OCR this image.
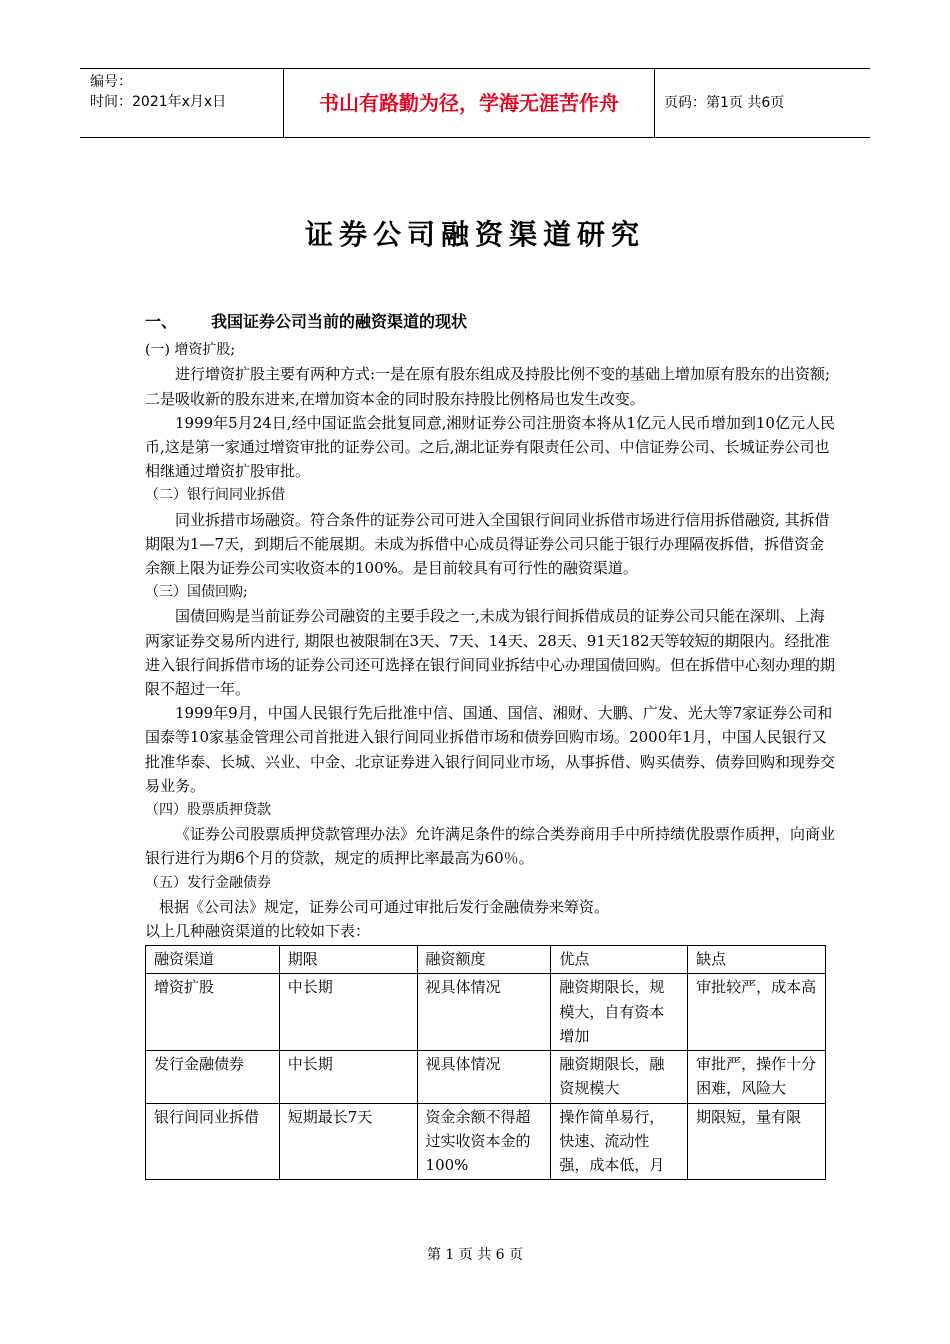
编号：
时间：2021年x月x日	书山有路勤为径，学海无涯苦作舟	页码：第1页 共6页
证券公司融资渠道研究
一、 我国证券公司当前的融资渠道的现状
(一) 增资扩股;
进行增资扩股主要有两种方式:一是在原有股东组成及持股比例不变的基础上增加原有股东的出资额;二是吸收新的股东进来,在增加资本金的同时股东持股比例格局也发生改变。
1999年5月24日,经中国证监会批复同意,湘财证券公司注册资本将从1亿元人民币增加到10亿元人民币,这是第一家通过增资审批的证券公司。之后,湖北证券有限责任公司、中信证券公司、长城证券公司也相继通过增资扩股审批。
（二）银行间同业拆借
同业拆措市场融资。符合条件的证券公司可进入全国银行间同业拆借市场进行信用拆借融资, 其拆借期限为1—7天，到期后不能展期。未成为拆借中心成员得证券公司只能于银行办理隔夜拆借，拆借资金余额上限为证券公司实收资本的100%。是目前较具有可行性的融资渠道。
（三）国债回购;
国债回购是当前证券公司融资的主要手段之一,未成为银行间拆借成员的证券公司只能在深圳、上海两家证券交易所内进行, 期限也被限制在3天、7天、14天、28天、91天182天等较短的期限内。经批准进入银行间拆借市场的证券公司还可选择在银行间同业拆结中心办理国债回购。但在拆借中心刻办理的期限不超过一年。
1999年9月，中国人民银行先后批准中信、国通、国信、湘财、大鹏、广发、光大等7家证券公司和国泰等10家基金管理公司首批进入银行间同业拆借市场和债券回购市场。2000年1月，中国人民银行又批准华泰、长城、兴业、中金、北京证券进入银行间同业市场，从事拆借、购买债券、债券回购和现券交易业务。
（四）股票质押贷款
《证券公司股票质押贷款管理办法》允许满足条件的综合类券商用手中所持绩优股票作质押，向商业银行进行为期6个月的贷款，规定的质押比率最高为60％。
（五）发行金融债券
根据《公司法》规定，证券公司可通过审批后发行金融债券来筹资。
以上几种融资渠道的比较如下表：
融资渠道	期限	融资额度	优点	缺点
增资扩股	中长期	视具体情况	融资期限长，规模大，自有资本增加	审批较严，成本高
发行金融债券	中长期	视具体情况	融资期限长，融资规模大	审批严，操作十分困难，风险大
银行间同业拆借	短期最长7天	资金余额不得超过实收资本金的100%	操作简单易行，快速、流动性强，成本低，月	期限短，量有限
第 1 页 共 6 页
